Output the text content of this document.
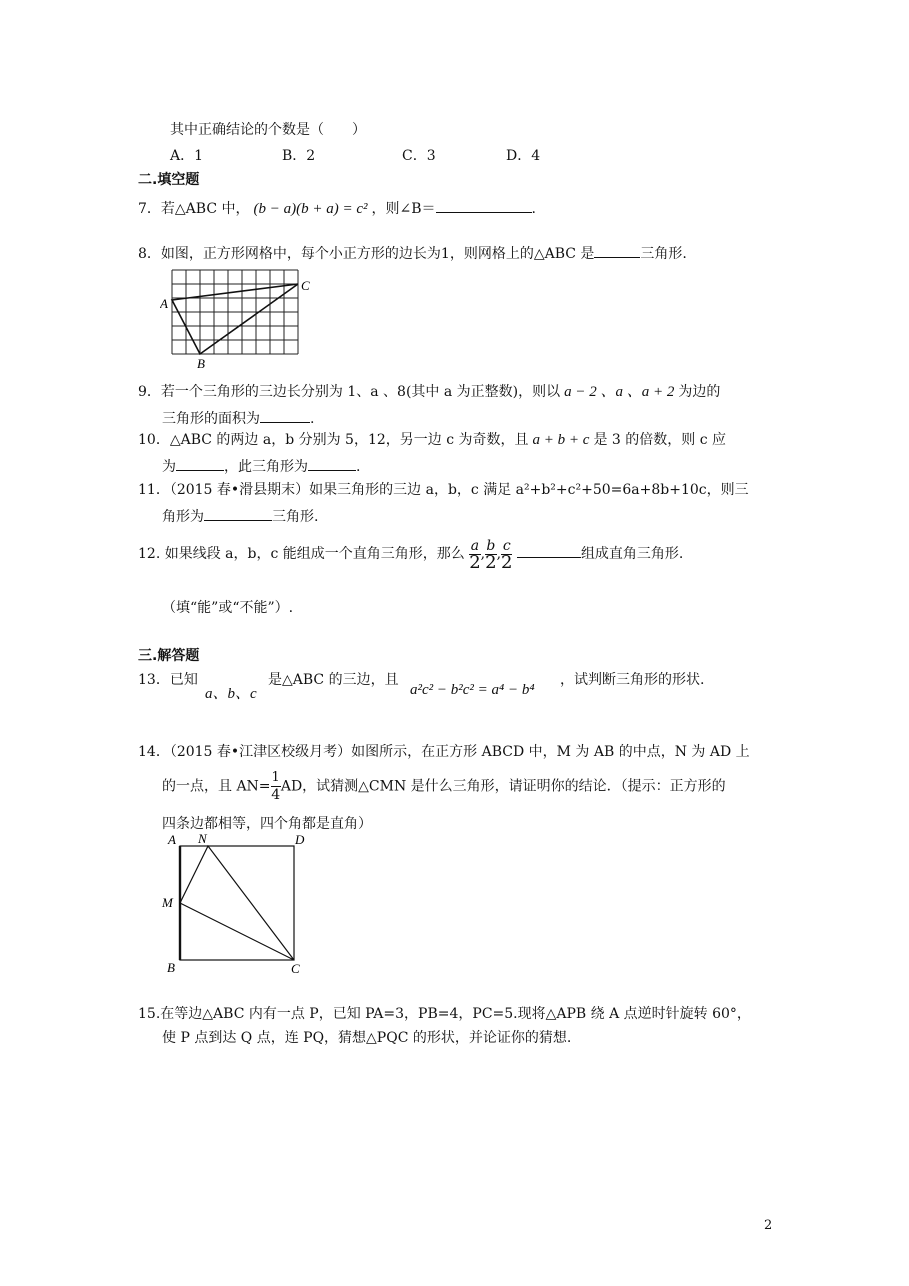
其中正确结论的个数是（　　）
A．1	B．2	C．3	D．4
二.填空题
7．若△ABC 中， (b − a)(b + a) = c² ，则∠B＝	.
8．如图，正方形网格中，每个小正方形的边长为1，则网格上的△ABC 是	三角形.
A
B
C
9．若一个三角形的三边长分别为 1、a 、8(其中 a 为正整数)，则以 a − 2 、a 、a + 2 为边的
三角形的面积为	.
10．△ABC 的两边 a，b 分别为 5，12，另一边 c 为奇数，且 a + b + c 是 3 的倍数，则 c 应
为	，此三角形为	.
11．（2015 春•滑县期末）如果三角形的三边 a，b，c 满足 a²+b²+c²+50=6a+8b+10c，则三
角形为	三角形.
12. 如果线段 a，b，c 能组成一个直角三角形，那么 $\frac{a}{2}$ , $\frac{b}{2}$ , $\frac{c}{2}$	组成直角三角形.
（填“能”或“不能”）.
三.解答题
13．已知
a、b、c
是△ABC 的三边，且
a²c² − b²c² = a⁴ − b⁴
，试判断三角形的形状.
14．（2015 春•江津区校级月考）如图所示，在正方形 ABCD 中，M 为 AB 的中点，N 为 AD 上
的一点，且 $AN= \frac{1}{4}$ AD，试猜测△CMN 是什么三角形，请证明你的结论．（提示：正方形的
四条边都相等，四个角都是直角）
A N	D
M
B	C
15.在等边△ABC 内有一点 P，已知 PA=3，PB=4，PC=5.现将△APB 绕 A 点逆时针旋转 60°，
使 P 点到达 Q 点，连 PQ，猜想△PQC 的形状，并论证你的猜想.
2
